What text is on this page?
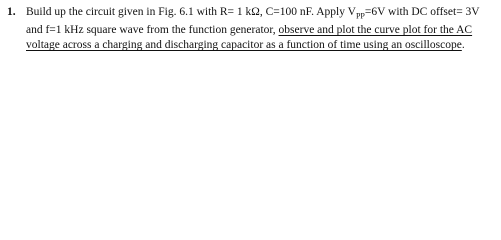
1. Build up the circuit given in Fig. 6.1 with R= 1 kΩ, C=100 nF. Apply $V_{PP}=6V$ with DC offset= 3V
and f=1 kHz square wave from the function generator, observe and plot the curve plot for the AC
voltage across a charging and discharging capacitor as a function of time using an oscilloscope.
